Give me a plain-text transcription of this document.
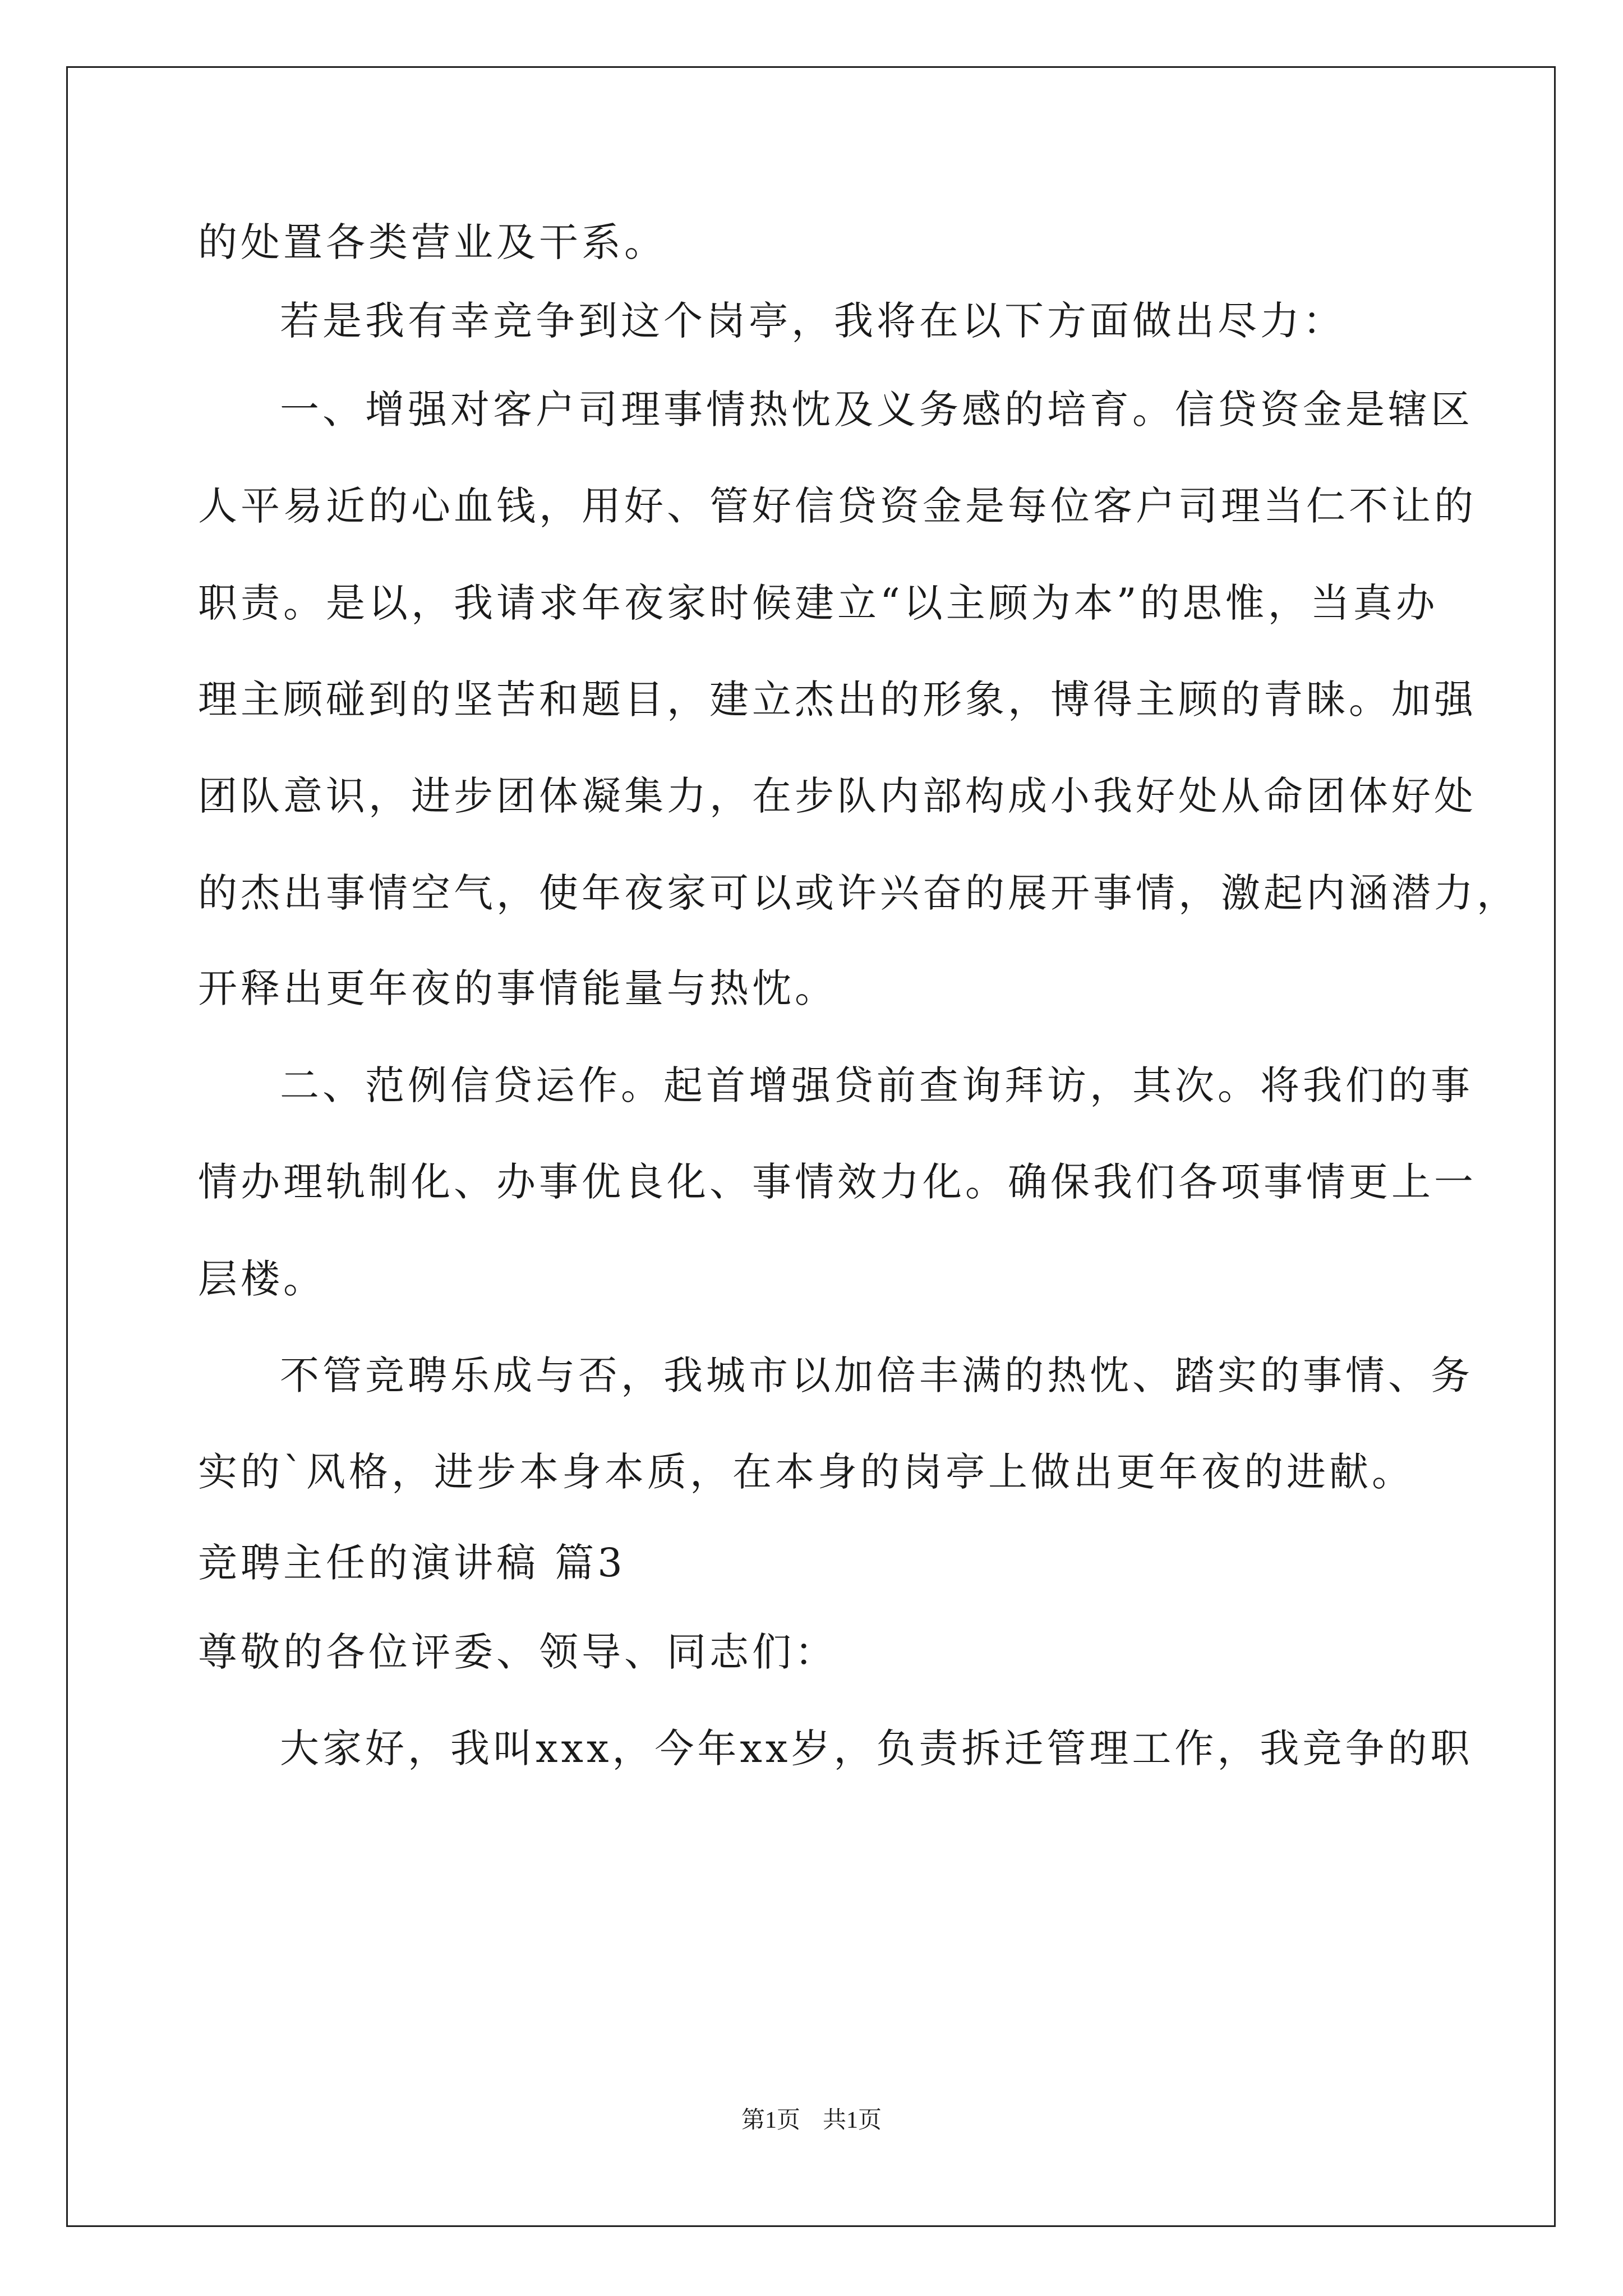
的处置各类营业及干系。
若是我有幸竞争到这个岗亭，我将在以下方面做出尽力：
一、增强对客户司理事情热忱及义务感的培育。信贷资金是辖区
人平易近的心血钱，用好、管好信贷资金是每位客户司理当仁不让的
职责。是以，我请求年夜家时候建立“以主顾为本”的思惟，当真办
理主顾碰到的坚苦和题目，建立杰出的形象，博得主顾的青睐。加强
团队意识，进步团体凝集力，在步队内部构成小我好处从命团体好处
的杰出事情空气，使年夜家可以或许兴奋的展开事情，激起内涵潜力，
开释出更年夜的事情能量与热忱。
二、范例信贷运作。起首增强贷前查询拜访，其次。将我们的事
情办理轨制化、办事优良化、事情效力化。确保我们各项事情更上一
层楼。
不管竞聘乐成与否，我城市以加倍丰满的热忱、踏实的事情、务
实的`风格，进步本身本质，在本身的岗亭上做出更年夜的进献。
竞聘主任的演讲稿 篇3
尊敬的各位评委、领导、同志们：
大家好，我叫xxx，今年xx岁，负责拆迁管理工作，我竞争的职
第1页 共1页
